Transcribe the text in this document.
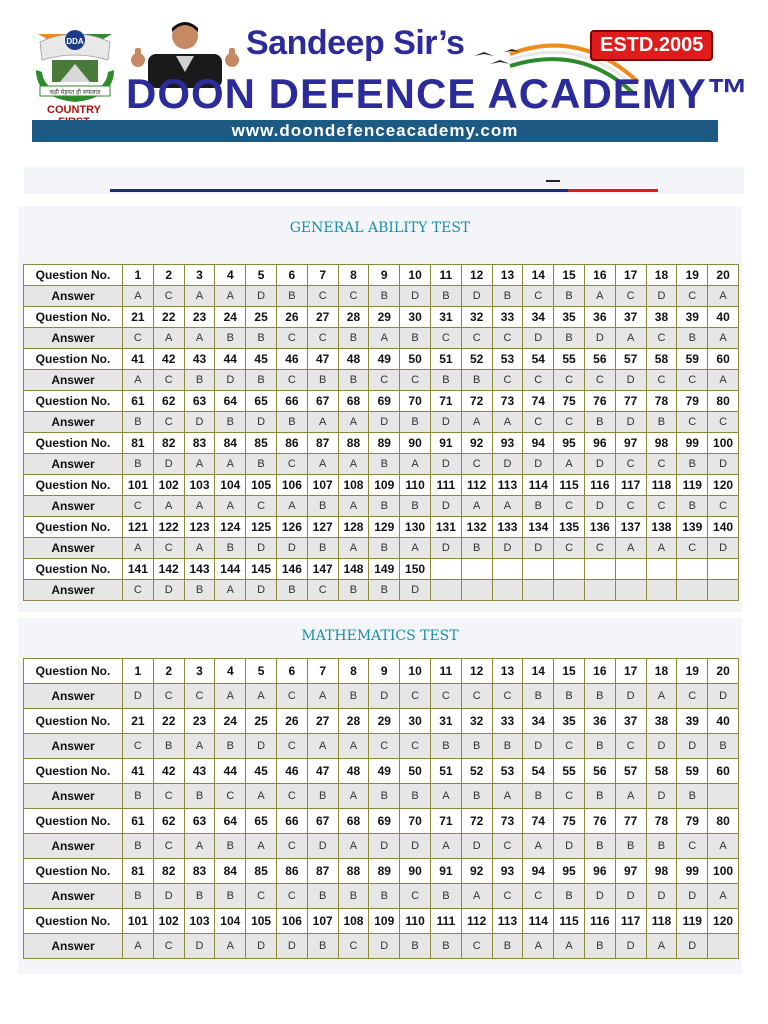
DDA
कड़ी मेहनत ही सफलता
COUNTRY
Sandeep Sir’s	ESTD.2005
DOON DEFENCE ACADEMY™
www.doondefenceacademy.com
GENERAL ABILITY TEST
Question No.	1	2	3	4	5	6	7	8	9	10	11	12	13	14	15	16	17	18	19	20
Answer	A	C	A	A	D	B	C	C	B	D	B	D	B	C	B	A	C	D	C	A
Question No.	21	22	23	24	25	26	27	28	29	30	31	32	33	34	35	36	37	38	39	40
Answer	C	A	A	B	B	C	C	B	A	B	C	C	C	D	B	D	A	C	B	A
Question No.	41	42	43	44	45	46	47	48	49	50	51	52	53	54	55	56	57	58	59	60
Answer	A	C	B	D	B	C	B	B	C	C	B	B	C	C	C	C	D	C	C	A
Question No.	61	62	63	64	65	66	67	68	69	70	71	72	73	74	75	76	77	78	79	80
Answer	B	C	D	B	D	B	A	A	D	B	D	A	A	C	C	B	D	B	C	C
Question No.	81	82	83	84	85	86	87	88	89	90	91	92	93	94	95	96	97	98	99	100
Answer	B	D	A	A	B	C	A	A	B	A	D	C	D	D	A	D	C	C	B	D
Question No.	101	102	103	104	105	106	107	108	109	110	111	112	113	114	115	116	117	118	119	120
Answer	C	A	A	A	C	A	B	A	B	B	D	A	A	B	C	D	C	C	B	C
Question No.	121	122	123	124	125	126	127	128	129	130	131	132	133	134	135	136	137	138	139	140
Answer	A	C	A	B	D	D	B	A	B	A	D	B	D	D	C	C	A	A	C	D
Question No.	141	142	143	144	145	146	147	148	149	150										
Answer	C	D	B	A	D	B	C	B	B	D										
MATHEMATICS TEST
Question No.	1	2	3	4	5	6	7	8	9	10	11	12	13	14	15	16	17	18	19	20
Answer	D	C	C	A	A	C	A	B	D	C	C	C	C	B	B	B	D	A	C	D
Question No.	21	22	23	24	25	26	27	28	29	30	31	32	33	34	35	36	37	38	39	40
Answer	C	B	A	B	D	C	A	A	C	C	B	B	B	D	C	B	C	D	D	B
Question No.	41	42	43	44	45	46	47	48	49	50	51	52	53	54	55	56	57	58	59	60
Answer	B	C	B	C	A	C	B	A	B	B	A	B	A	B	C	B	A	D	B	
Question No.	61	62	63	64	65	66	67	68	69	70	71	72	73	74	75	76	77	78	79	80
Answer	B	C	A	B	A	C	D	A	D	D	A	D	C	A	D	B	B	B	C	A
Question No.	81	82	83	84	85	86	87	88	89	90	91	92	93	94	95	96	97	98	99	100
Answer	B	D	B	B	C	C	B	B	B	C	B	A	C	C	B	D	D	D	D	A
Question No.	101	102	103	104	105	106	107	108	109	110	111	112	113	114	115	116	117	118	119	120
Answer	A	C	D	A	D	D	B	C	D	B	B	C	B	A	A	B	D	A	D	
